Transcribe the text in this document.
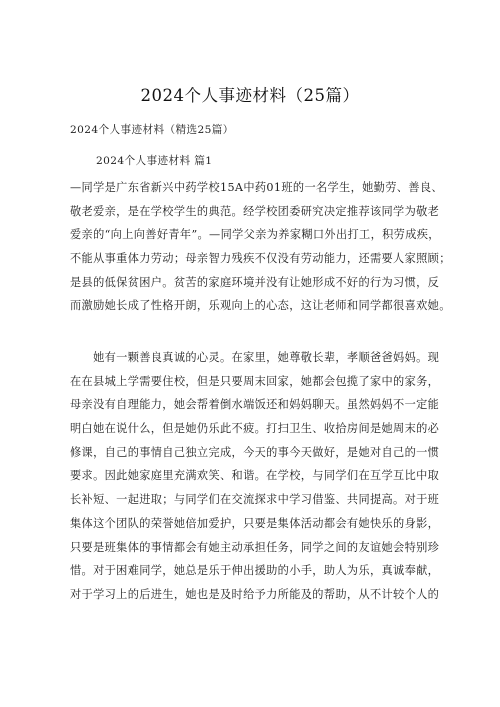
2024个人事迹材料（25篇）
2024个人事迹材料（精选25篇）
2024个人事迹材料 篇1

—同学是广东省新兴中药学校15A中药01班的一名学生，她勤劳、善良、
敬老爱亲，是在学校学生的典范。经学校团委研究决定推荐该同学为敬老
爱亲的“向上向善好青年”。—同学父亲为养家糊口外出打工，积劳成疾，
不能从事重体力劳动；母亲智力残疾不仅没有劳动能力，还需要人家照顾；
是县的低保贫困户。贫苦的家庭环境并没有让她形成不好的行为习惯，反
而激励她长成了性格开朗，乐观向上的心态，这让老师和同学都很喜欢她。

　　她有一颗善良真诚的心灵。在家里，她尊敬长辈，孝顺爸爸妈妈。现
在在县城上学需要住校，但是只要周末回家，她都会包揽了家中的家务，
母亲没有自理能力，她会帮着倒水端饭还和妈妈聊天。虽然妈妈不一定能
明白她在说什么，但是她仍乐此不疲。打扫卫生、收拾房间是她周末的必
修课，自己的事情自己独立完成，今天的事今天做好，是她对自己的一惯
要求。因此她家庭里充满欢笑、和谐。在学校，与同学们在互学互比中取
长补短、一起进取；与同学们在交流探求中学习借鉴、共同提高。对于班
集体这个团队的荣誉她倍加爱护，只要是集体活动都会有她快乐的身影，
只要是班集体的事情都会有她主动承担任务，同学之间的友谊她会特别珍
惜。对于困难同学，她总是乐于伸出援助的小手，助人为乐，真诚奉献，
对于学习上的后进生，她也是及时给予力所能及的帮助，从不计较个人的
